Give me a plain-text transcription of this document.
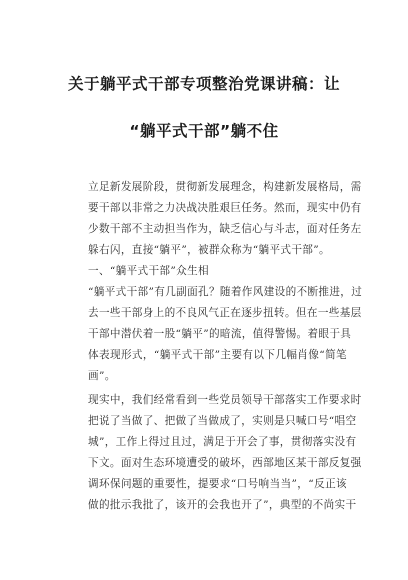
关于躺平式干部专项整治党课讲稿：让
“躺平式干部”躺不住
立足新发展阶段，贯彻新发展理念，构建新发展格局，需
要干部以非常之力决战决胜艰巨任务。然而，现实中仍有
少数干部不主动担当作为，缺乏信心与斗志，面对任务左
躲右闪，直接“躺平”，被群众称为“躺平式干部”。
一、“躺平式干部”众生相
“躺平式干部”有几副面孔？随着作风建设的不断推进，过
去一些干部身上的不良风气正在逐步扭转。但在一些基层
干部中潜伏着一股“躺平”的暗流，值得警惕。着眼于具
体表现形式，“躺平式干部”主要有以下几幅肖像“简笔
画”。
现实中，我们经常看到一些党员领导干部落实工作要求时
把说了当做了、把做了当做成了，实则是只喊口号“唱空
城”，工作上得过且过，满足于开会了事，贯彻落实没有
下文。面对生态环境遭受的破坏，西部地区某干部反复强
调环保问题的重要性，提要求“口号响当当”，“反正该
做的批示我批了，该开的会我也开了”，典型的不尚实干
